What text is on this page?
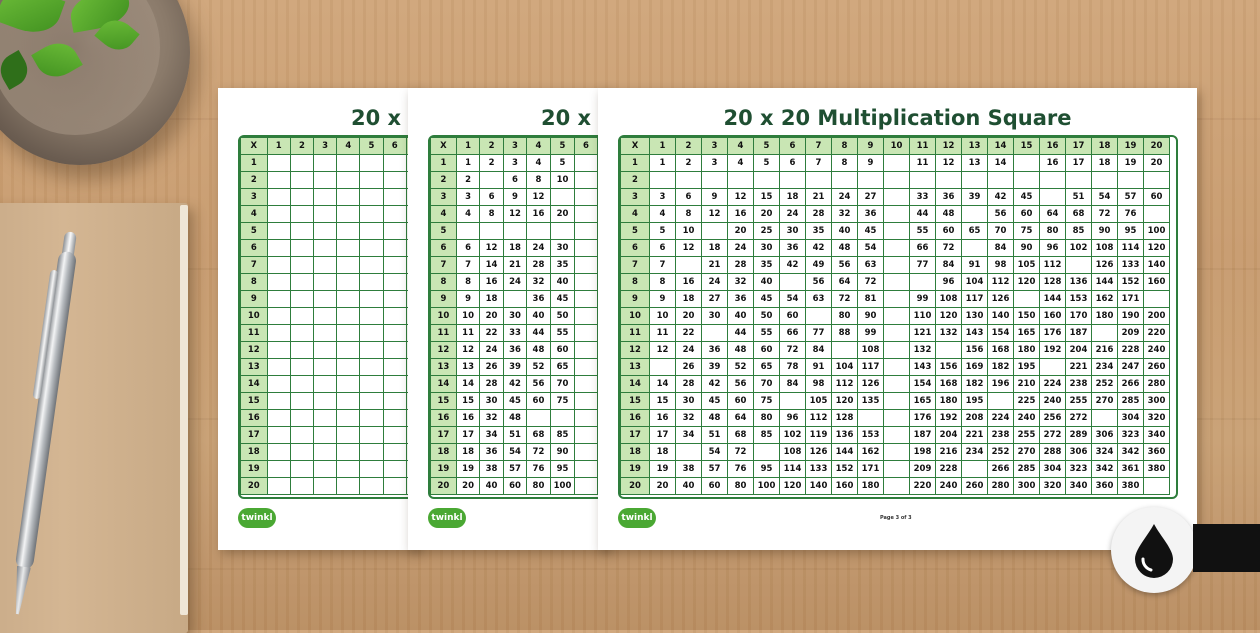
20 x
X	1	2	3	4	5	6	
1							
2							
3							
4							
5							
6							
7							
8							
9							
10							
11							
12							
13							
14							
15							
16							
17							
18							
19							
20							
twinkl
20 x
X	1	2	3	4	5	6	
1	1	2	3	4	5		
2	2		6	8	10		
3	3	6	9	12			
4	4	8	12	16	20		
5							
6	6	12	18	24	30		
7	7	14	21	28	35		
8	8	16	24	32	40		
9	9	18		36	45		
10	10	20	30	40	50		
11	11	22	33	44	55		
12	12	24	36	48	60		
13	13	26	39	52	65		
14	14	28	42	56	70		
15	15	30	45	60	75		
16	16	32	48				
17	17	34	51	68	85		
18	18	36	54	72	90		
19	19	38	57	76	95		
20	20	40	60	80	100		
twinkl
20 x 20 Multiplication Square
X	1	2	3	4	5	6	7	8	9	10	11	12	13	14	15	16	17	18	19	20
1	1	2	3	4	5	6	7	8	9		11	12	13	14		16	17	18	19	20
2																				
3	3	6	9	12	15	18	21	24	27		33	36	39	42	45		51	54	57	60
4	4	8	12	16	20	24	28	32	36		44	48		56	60	64	68	72	76	
5	5	10		20	25	30	35	40	45		55	60	65	70	75	80	85	90	95	100
6	6	12	18	24	30	36	42	48	54		66	72		84	90	96	102	108	114	120
7	7		21	28	35	42	49	56	63		77	84	91	98	105	112		126	133	140
8	8	16	24	32	40		56	64	72			96	104	112	120	128	136	144	152	160
9	9	18	27	36	45	54	63	72	81		99	108	117	126		144	153	162	171	
10	10	20	30	40	50	60		80	90		110	120	130	140	150	160	170	180	190	200
11	11	22		44	55	66	77	88	99		121	132	143	154	165	176	187		209	220
12	12	24	36	48	60	72	84		108		132		156	168	180	192	204	216	228	240
13		26	39	52	65	78	91	104	117		143	156	169	182	195		221	234	247	260
14	14	28	42	56	70	84	98	112	126		154	168	182	196	210	224	238	252	266	280
15	15	30	45	60	75		105	120	135		165	180	195		225	240	255	270	285	300
16	16	32	48	64	80	96	112	128			176	192	208	224	240	256	272		304	320
17	17	34	51	68	85	102	119	136	153		187	204	221	238	255	272	289	306	323	340
18	18		54	72		108	126	144	162		198	216	234	252	270	288	306	324	342	360
19	19	38	57	76	95	114	133	152	171		209	228		266	285	304	323	342	361	380
20	20	40	60	80	100	120	140	160	180		220	240	260	280	300	320	340	360	380	
twinkl	Page 3 of 3
